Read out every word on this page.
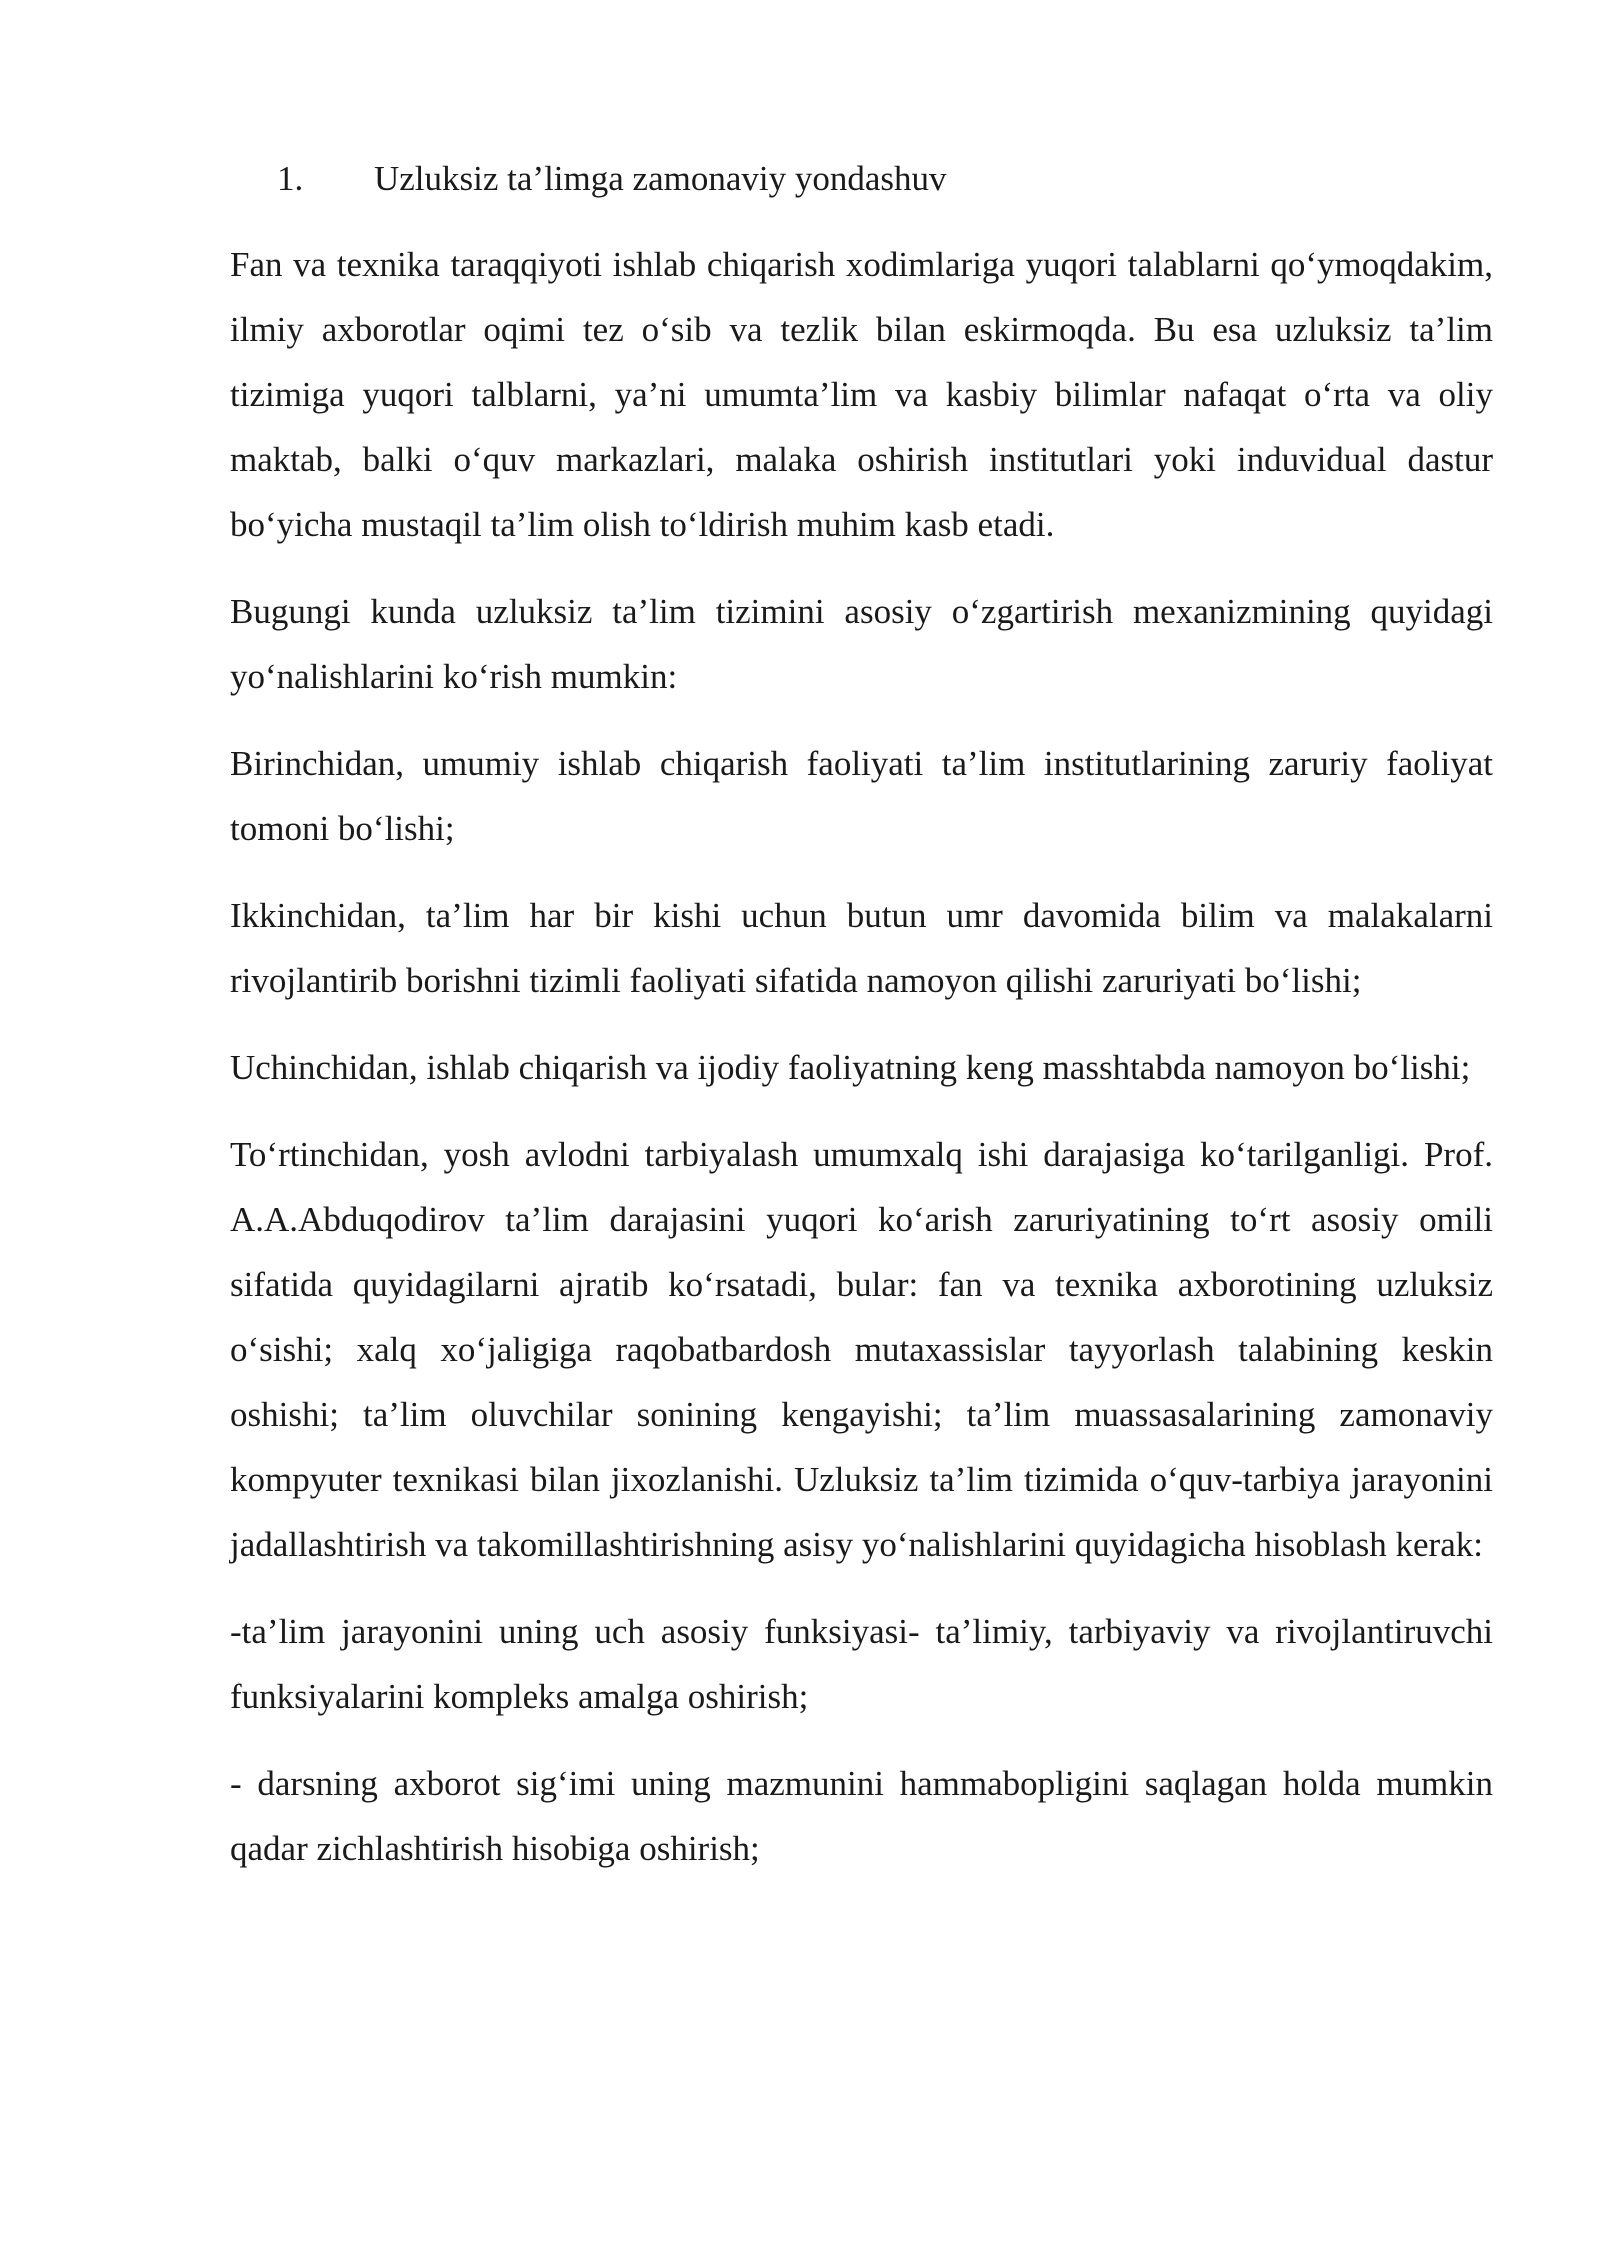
1. Uzluksiz ta’limga zamonaviy yondashuv

Fan va texnika taraqqiyoti ishlab chiqarish xodimlariga yuqori talablarni qo‘ymoqdakim, ilmiy axborotlar oqimi tez o‘sib va tezlik bilan eskirmoqda. Bu esa uzluksiz ta’lim tizimiga yuqori talblarni, ya’ni umumta’lim va kasbiy bilimlar nafaqat o‘rta va oliy maktab, balki o‘quv markazlari, malaka oshirish institutlari yoki induvidual dastur bo‘yicha mustaqil ta’lim olish to‘ldirish muhim kasb etadi.

Bugungi kunda uzluksiz ta’lim tizimini asosiy o‘zgartirish mexanizmining quyidagi yo‘nalishlarini ko‘rish mumkin:

Birinchidan, umumiy ishlab chiqarish faoliyati ta’lim institutlarining zaruriy faoliyat tomoni bo‘lishi;

Ikkinchidan, ta’lim har bir kishi uchun butun umr davomida bilim va malakalarni rivojlantirib borishni tizimli faoliyati sifatida namoyon qilishi zaruriyati bo‘lishi;

Uchinchidan, ishlab chiqarish va ijodiy faoliyatning keng masshtabda namoyon bo‘lishi;

To‘rtinchidan, yosh avlodni tarbiyalash umumxalq ishi darajasiga ko‘tarilganligi. Prof. A.A.Abduqodirov ta’lim darajasini yuqori ko‘arish zaruriyatining to‘rt asosiy omili sifatida quyidagilarni ajratib ko‘rsatadi, bular: fan va texnika axborotining uzluksiz o‘sishi; xalq xo‘jaligiga raqobatbardosh mutaxassislar tayyorlash talabining keskin oshishi; ta’lim oluvchilar sonining kengayishi; ta’lim muassasalarining zamonaviy kompyuter texnikasi bilan jixozlanishi. Uzluksiz ta’lim tizimida o‘quv-tarbiya jarayonini jadallashtirish va takomillashtirishning asisy yo‘nalishlarini quyidagicha hisoblash kerak:

-ta’lim jarayonini uning uch asosiy funksiyasi- ta’limiy, tarbiyaviy va rivojlantiruvchi funksiyalarini kompleks amalga oshirish;

- darsning axborot sig‘imi uning mazmunini hammabopligini saqlagan holda mumkin qadar zichlashtirish hisobiga oshirish;
